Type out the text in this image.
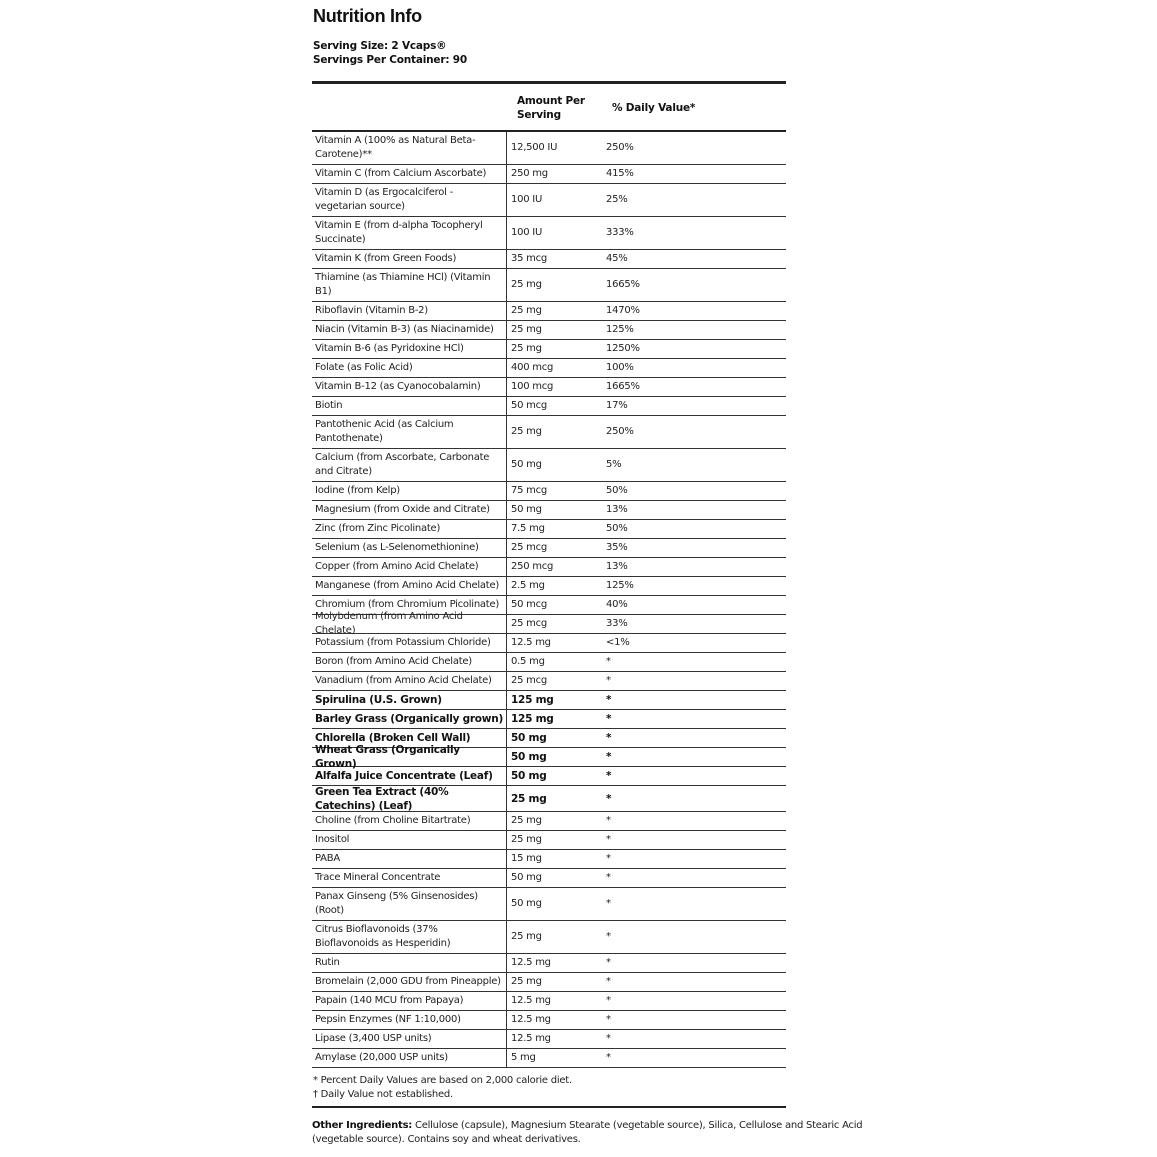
Nutrition Info
Serving Size: 2 Vcaps®
Servings Per Container: 90
Amount Per
Serving
% Daily Value*
Vitamin A (100% as Natural Beta-Carotene)**
12,500 IU	250%
Vitamin C (from Calcium Ascorbate)	250 mg	415%
Vitamin D (as Ergocalciferol - vegetarian source)
100 IU	25%
Vitamin E (from d-alpha Tocopheryl Succinate)
100 IU	333%
Vitamin K (from Green Foods)	35 mcg	45%
Thiamine (as Thiamine HCl) (Vitamin B1)
25 mg	1665%
Riboflavin (Vitamin B-2)	25 mg	1470%
Niacin (Vitamin B-3) (as Niacinamide)	25 mg	125%
Vitamin B-6 (as Pyridoxine HCl)	25 mg	1250%
Folate (as Folic Acid)	400 mcg	100%
Vitamin B-12 (as Cyanocobalamin)	100 mcg	1665%
Biotin	50 mcg	17%
Pantothenic Acid (as Calcium Pantothenate)
25 mg	250%
Calcium (from Ascorbate, Carbonate and Citrate)
50 mg	5%
Iodine (from Kelp)	75 mcg	50%
Magnesium (from Oxide and Citrate)	50 mg	13%
Zinc (from Zinc Picolinate)	7.5 mg	50%
Selenium (as L-Selenomethionine)	25 mcg	35%
Copper (from Amino Acid Chelate)	250 mcg	13%
Manganese (from Amino Acid Chelate)	2.5 mg	125%
Chromium (from Chromium Picolinate)	50 mcg	40%
Molybdenum (from Amino Acid Chelate)
25 mcg	33%
Potassium (from Potassium Chloride)	12.5 mg	<1%
Boron (from Amino Acid Chelate)	0.5 mg	*
Vanadium (from Amino Acid Chelate)	25 mcg	*
Spirulina (U.S. Grown)	125 mg	*
Barley Grass (Organically grown) 125 mg	*
Chlorella (Broken Cell Wall)	50 mg	*
Wheat Grass (Organically Grown)
50 mg	*
Alfalfa Juice Concentrate (Leaf)	50 mg	*
Green Tea Extract (40% Catechins) (Leaf)
25 mg	*
Choline (from Choline Bitartrate)	25 mg	*
Inositol	25 mg	*
PABA	15 mg	*
Trace Mineral Concentrate	50 mg	*
Panax Ginseng (5% Ginsenosides) (Root)
50 mg	*
Citrus Bioflavonoids (37% Bioflavonoids as Hesperidin)
25 mg	*
Rutin	12.5 mg	*
Bromelain (2,000 GDU from Pineapple)	25 mg	*
Papain (140 MCU from Papaya)	12.5 mg	*
Pepsin Enzymes (NF 1:10,000)	12.5 mg	*
Lipase (3,400 USP units)	12.5 mg	*
Amylase (20,000 USP units)	5 mg	*
* Percent Daily Values are based on 2,000 calorie diet.
† Daily Value not established.
Other Ingredients: Cellulose (capsule), Magnesium Stearate (vegetable source), Silica, Cellulose and Stearic Acid (vegetable source). Contains soy and wheat derivatives.
